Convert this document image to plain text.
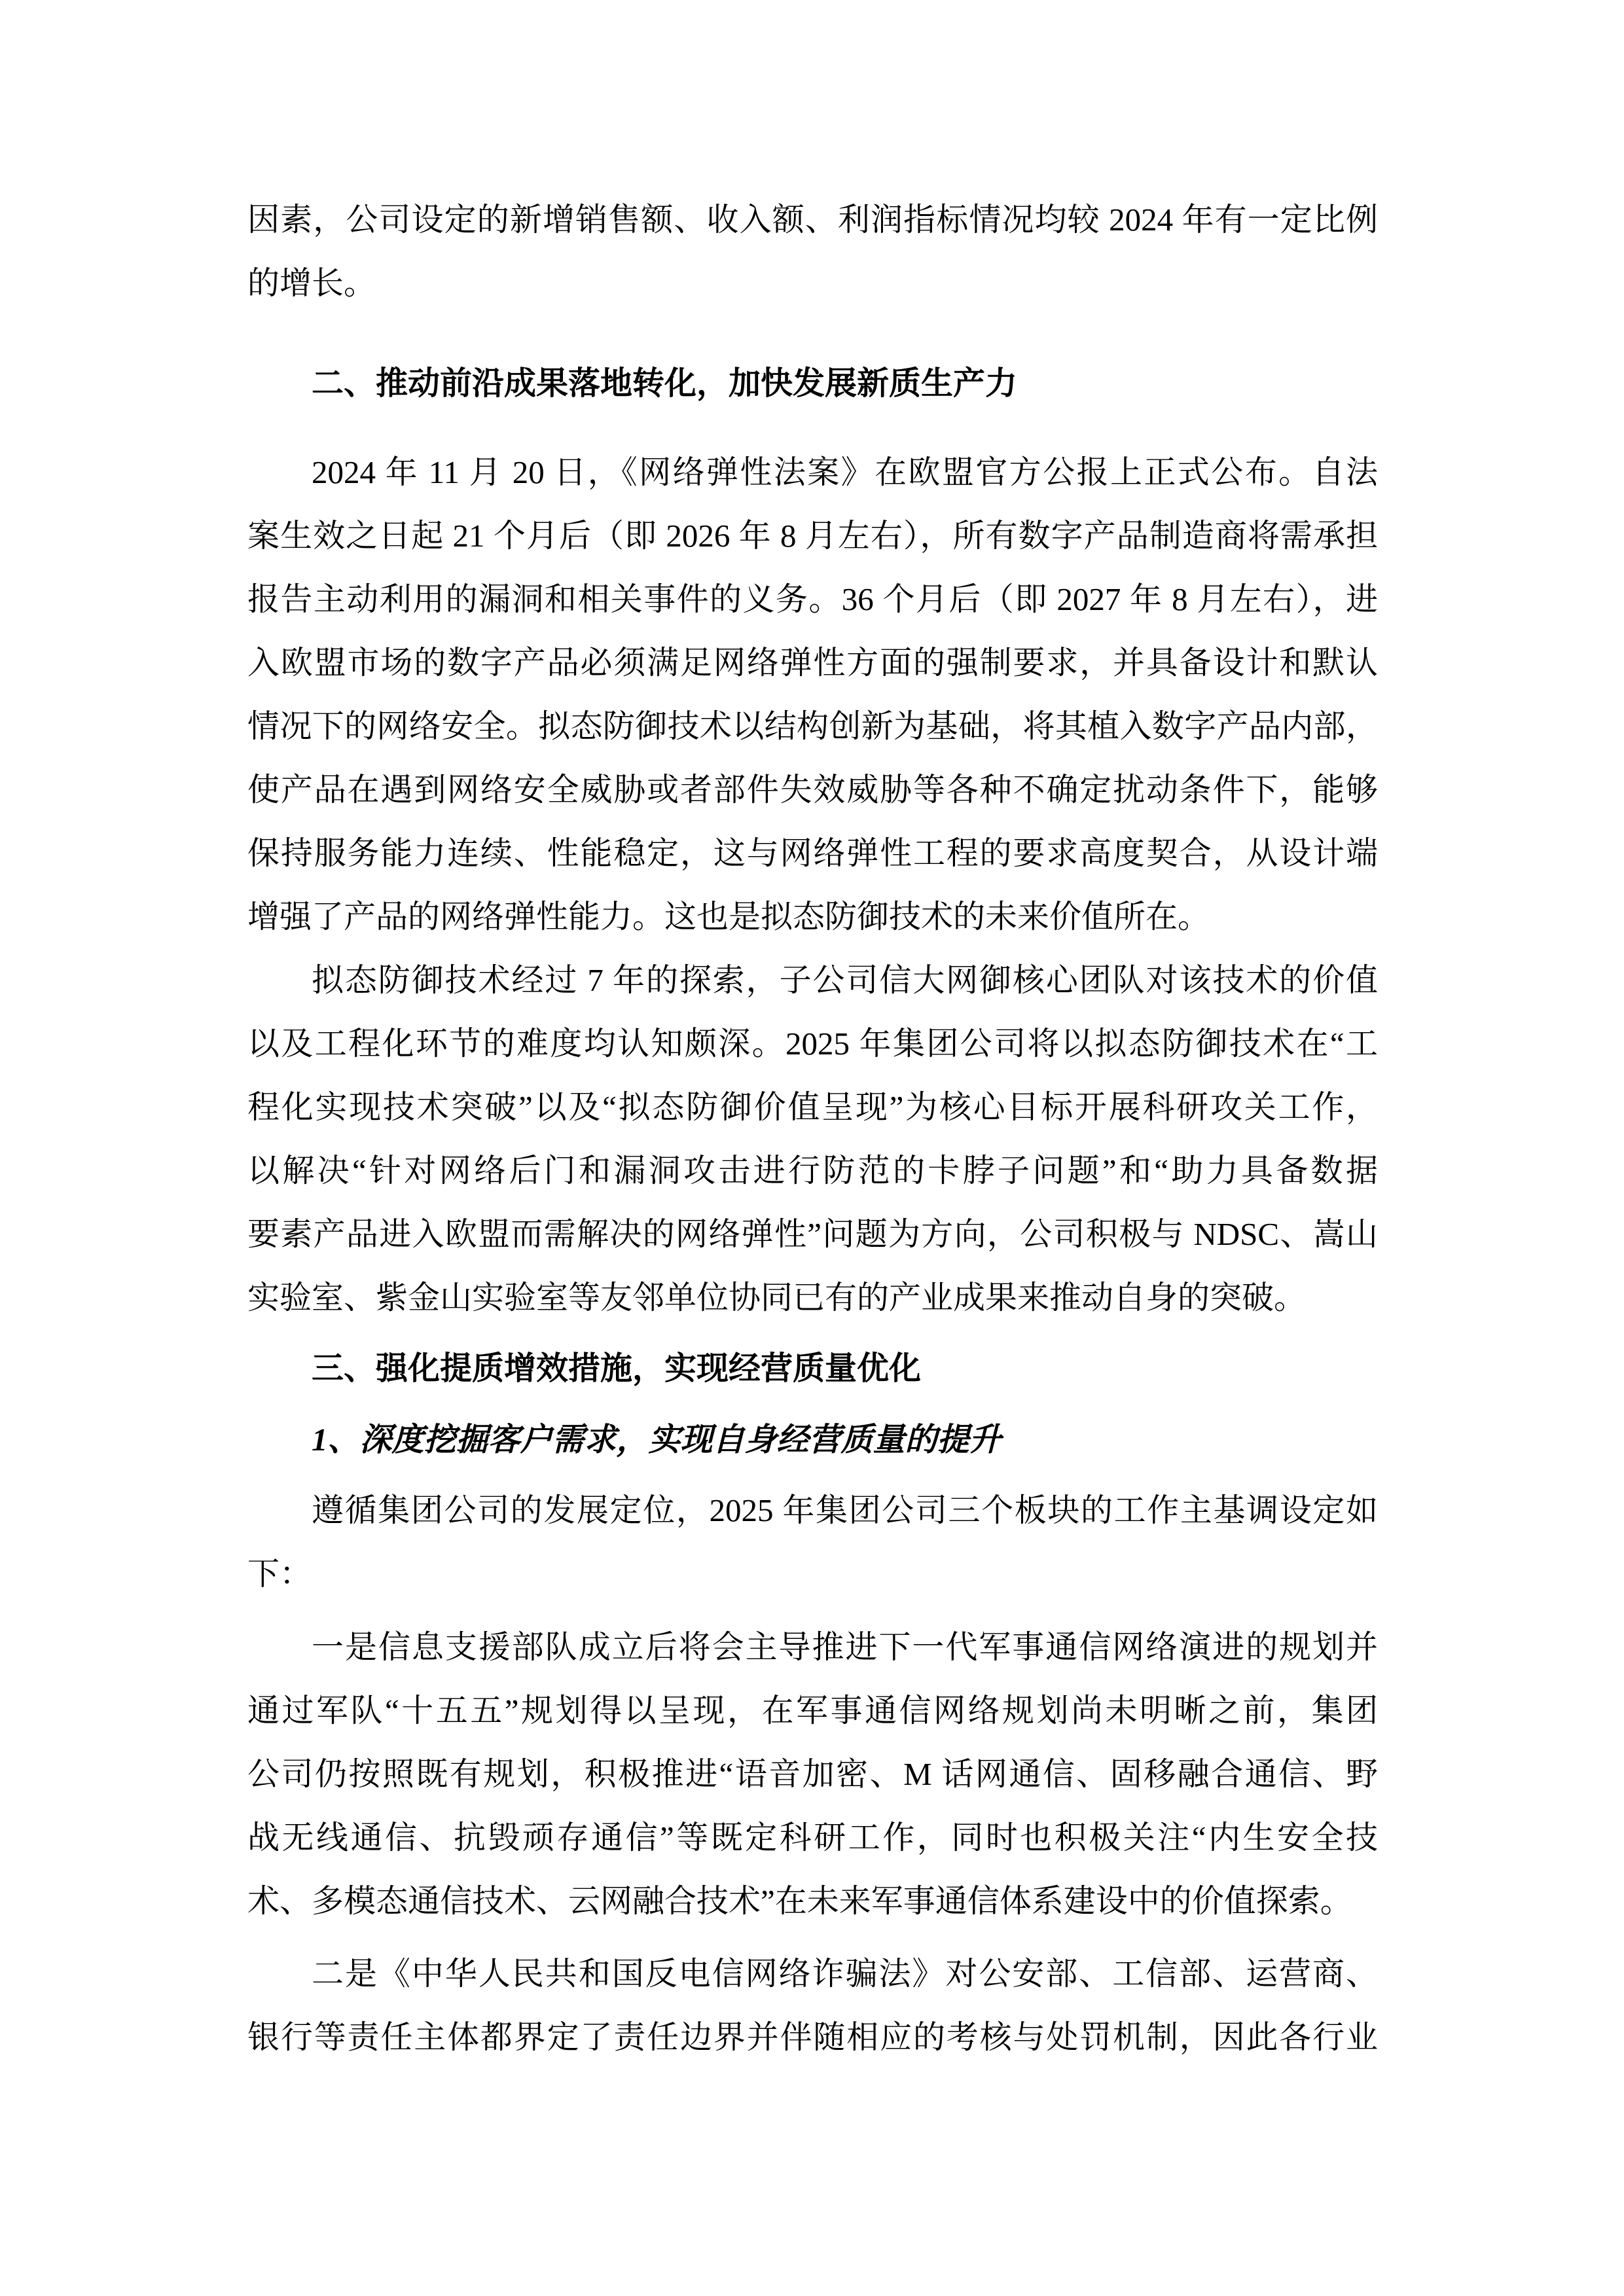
因素，公司设定的新增销售额、收入额、利润指标情况均较 2024 年有一定比例
的增长。
二、推动前沿成果落地转化，加快发展新质生产力
2024 年 11 月 20 日，《网络弹性法案》在欧盟官方公报上正式公布。自法
案生效之日起 21 个月后（即 2026 年 8 月左右），所有数字产品制造商将需承担
报告主动利用的漏洞和相关事件的义务。36 个月后（即 2027 年 8 月左右），进
入欧盟市场的数字产品必须满足网络弹性方面的强制要求，并具备设计和默认
情况下的网络安全。拟态防御技术以结构创新为基础，将其植入数字产品内部，
使产品在遇到网络安全威胁或者部件失效威胁等各种不确定扰动条件下，能够
保持服务能力连续、性能稳定，这与网络弹性工程的要求高度契合，从设计端
增强了产品的网络弹性能力。这也是拟态防御技术的未来价值所在。
拟态防御技术经过 7 年的探索，子公司信大网御核心团队对该技术的价值
以及工程化环节的难度均认知颇深。2025 年集团公司将以拟态防御技术在“工
程化实现技术突破”以及“拟态防御价值呈现”为核心目标开展科研攻关工作，
以解决“针对网络后门和漏洞攻击进行防范的卡脖子问题”和“助力具备数据
要素产品进入欧盟而需解决的网络弹性”问题为方向，公司积极与 NDSC、嵩山
实验室、紫金山实验室等友邻单位协同已有的产业成果来推动自身的突破。
三、强化提质增效措施，实现经营质量优化
1、深度挖掘客户需求，实现自身经营质量的提升
遵循集团公司的发展定位，2025 年集团公司三个板块的工作主基调设定如
下：
一是信息支援部队成立后将会主导推进下一代军事通信网络演进的规划并
通过军队“十五五”规划得以呈现，在军事通信网络规划尚未明晰之前，集团
公司仍按照既有规划，积极推进“语音加密、M 话网通信、固移融合通信、野
战无线通信、抗毁顽存通信”等既定科研工作，同时也积极关注“内生安全技
术、多模态通信技术、云网融合技术”在未来军事通信体系建设中的价值探索。
二是《中华人民共和国反电信网络诈骗法》对公安部、工信部、运营商、
银行等责任主体都界定了责任边界并伴随相应的考核与处罚机制，因此各行业
